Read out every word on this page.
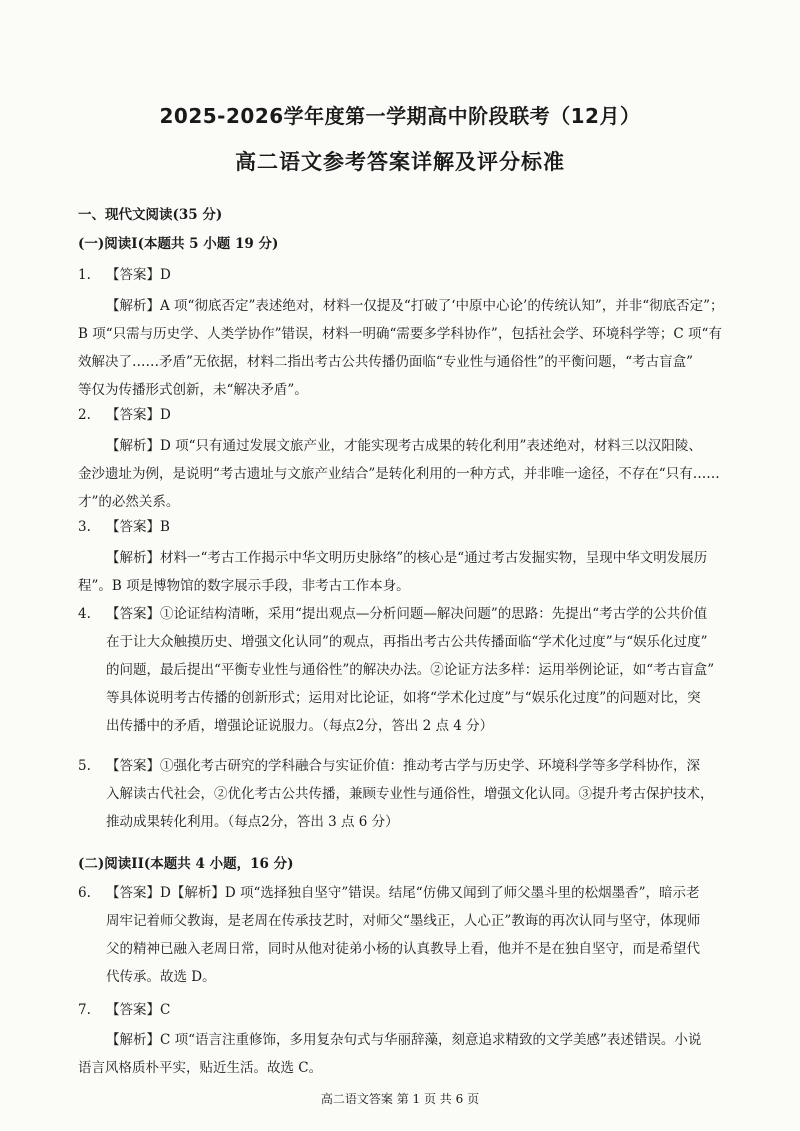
2025-2026学年度第一学期高中阶段联考（12月）
高二语文参考答案详解及评分标准
一、现代文阅读(35 分)
(一)阅读I(本题共 5 小题 19 分)
1. 【答案】D
【解析】A 项“彻底否定”表述绝对，材料一仅提及“打破了‘中原中心论’的传统认知”，并非“彻底否定”；
B 项“只需与历史学、人类学协作”错误，材料一明确“需要多学科协作”，包括社会学、环境科学等；C 项“有
效解决了……矛盾”无依据，材料二指出考古公共传播仍面临“专业性与通俗性”的平衡问题，“考古盲盒”
等仅为传播形式创新，未“解决矛盾”。
2. 【答案】D
【解析】D 项“只有通过发展文旅产业，才能实现考古成果的转化利用”表述绝对，材料三以汉阳陵、
金沙遗址为例，是说明“考古遗址与文旅产业结合”是转化利用的一种方式，并非唯一途径，不存在“只有……
才”的必然关系。
3. 【答案】B
【解析】材料一“考古工作揭示中华文明历史脉络”的核心是“通过考古发掘实物，呈现中华文明发展历
程”。B 项是博物馆的数字展示手段，非考古工作本身。
4. 【答案】①论证结构清晰，采用“提出观点—分析问题—解决问题”的思路：先提出“考古学的公共价值
在于让大众触摸历史、增强文化认同”的观点，再指出考古公共传播面临“学术化过度”与“娱乐化过度”
的问题，最后提出“平衡专业性与通俗性”的解决办法。②论证方法多样：运用举例论证，如“考古盲盒”
等具体说明考古传播的创新形式；运用对比论证，如将“学术化过度”与“娱乐化过度”的问题对比，突
出传播中的矛盾，增强论证说服力。（每点2分，答出 2 点 4 分）
5. 【答案】①强化考古研究的学科融合与实证价值：推动考古学与历史学、环境科学等多学科协作，深
入解读古代社会，②优化考古公共传播，兼顾专业性与通俗性，增强文化认同。③提升考古保护技术，
推动成果转化利用。（每点2分，答出 3 点 6 分）
(二)阅读II(本题共 4 小题，16 分)
6. 【答案】D【解析】D 项“选择独自坚守”错误。结尾“仿佛又闻到了师父墨斗里的松烟墨香”，暗示老
周牢记着师父教诲，是老周在传承技艺时，对师父“墨线正，人心正”教诲的再次认同与坚守，体现师
父的精神已融入老周日常，同时从他对徒弟小杨的认真教导上看，他并不是在独自坚守，而是希望代
代传承。故选 D。
7. 【答案】C
【解析】C 项“语言注重修饰，多用复杂句式与华丽辞藻，刻意追求精致的文学美感”表述错误。小说
语言风格质朴平实，贴近生活。故选 C。
高二语文答案 第 1 页 共 6 页
